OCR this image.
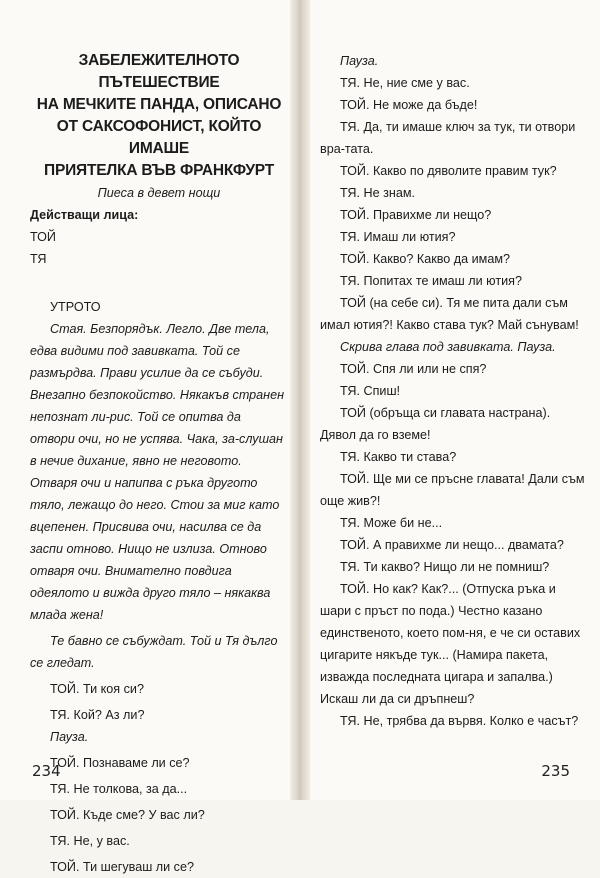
ЗАБЕЛЕЖИТЕЛНОТО ПЪТЕШЕСТВИЕ

НА МЕЧКИТЕ ПАНДА, ОПИСАНО

ОТ САКСОФОНИСТ, КОЙТО ИМАШЕ

ПРИЯТЕЛКА ВЪВ ФРАНКФУРТ

Пиеса в девет нощи

Действащи лица:

ТОЙ

ТЯ

УТРОТО

Стая. Безпорядък. Легло. Две тела, едва видими под завивката. Той се размърдва. Прави усилие да се събуди. Внезапно безпокойство. Някакъв странен непознат ли-рис. Той се опитва да отвори очи, но не успява. Чака, за-слушан в нечие дихание, явно не неговото. Отваря очи и напипва с ръка другото тяло, лежащо до него. Стои за миг като вцепенен. Присвива очи, насилва се да заспи отново. Нищо не излиза. Отново отваря очи. Внимателно повдига одеялото и вижда друго тяло – някаква млада жена!

Те бавно се събуждат. Той и Тя дълго се гледат.

ТОЙ. Ти коя си?

ТЯ. Кой? Аз ли?

Пауза.

ТОЙ. Познаваме ли се?

ТЯ. Не толкова, за да...

ТОЙ. Къде сме? У вас ли?

ТЯ. Не, у вас.

ТОЙ. Ти шегуваш ли се?

234

Пауза.

ТЯ. Не, ние сме у вас.

ТОЙ. Не може да бъде!

ТЯ. Да, ти имаше ключ за тук, ти отвори вра-тата.

ТОЙ. Какво по дяволите правим тук?

ТЯ. Не знам.

ТОЙ. Правихме ли нещо?

ТЯ. Имаш ли ютия?

ТОЙ. Какво? Какво да имам?

ТЯ. Попитах те имаш ли ютия?

ТОЙ (на себе си). Тя ме пита дали съм имал ютия?! Какво става тук? Май сънувам!

Скрива глава под завивката. Пауза.

ТОЙ. Спя ли или не спя?

ТЯ. Спиш!

ТОЙ (обръща си главата настрана). Дявол да го вземе!

ТЯ. Какво ти става?

ТОЙ. Ще ми се пръсне главата! Дали съм още жив?!

ТЯ. Може би не...

ТОЙ. А правихме ли нещо... двамата?

ТЯ. Ти какво? Нищо ли не помниш?

ТОЙ. Но как? Как?... (Отпуска ръка и шари с пръст по пода.) Честно казано единственото, което пом-ня, е че си оставих цигарите някъде тук... (Намира пакета, изважда последната цигара и запалва.) Искаш ли да си дръпнеш?

ТЯ. Не, трябва да вървя. Колко е часът?

235
